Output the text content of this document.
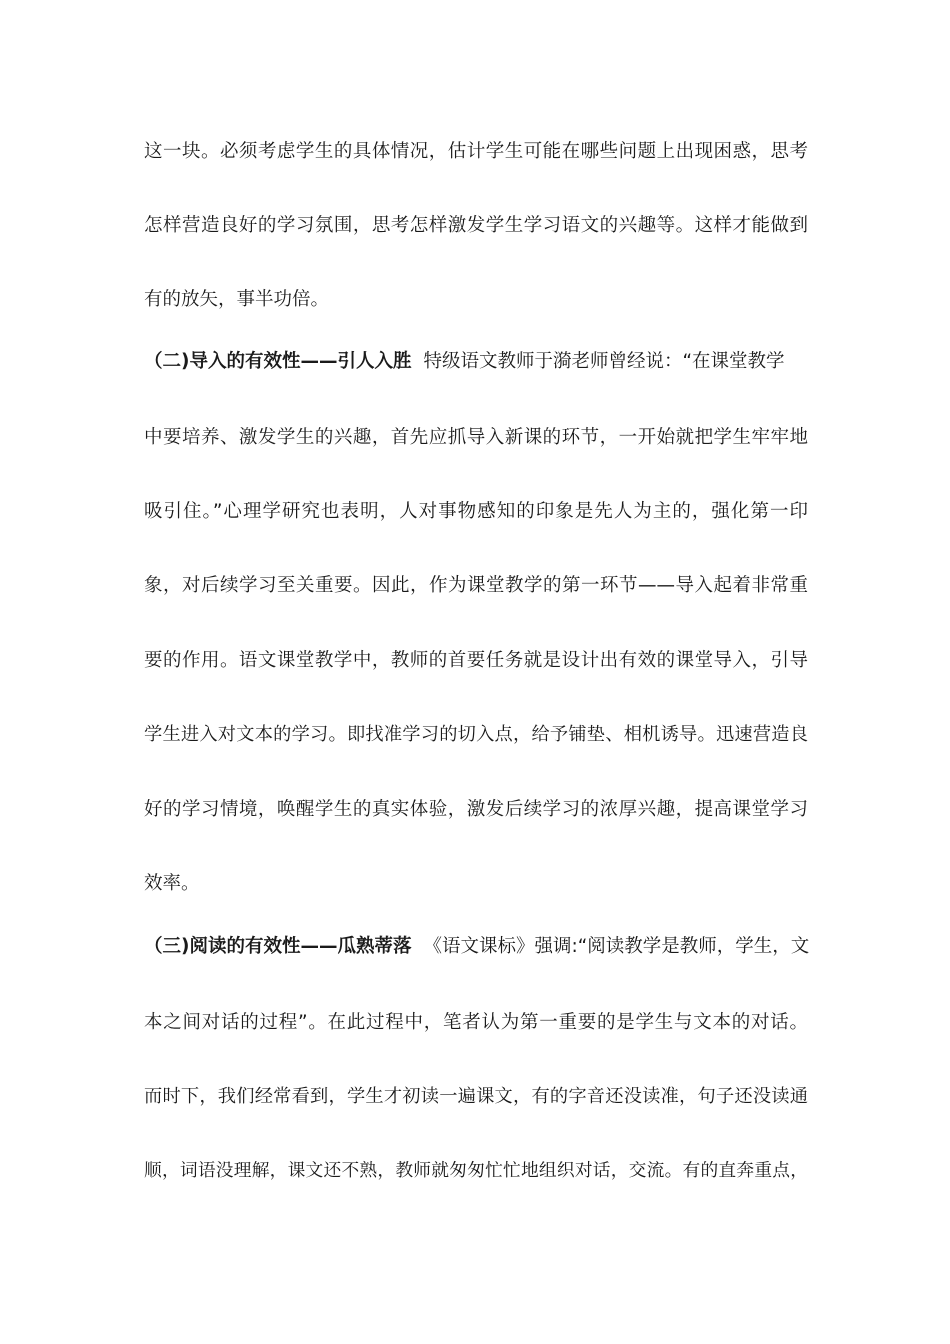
这一块。必须考虑学生的具体情况，估计学生可能在哪些问题上出现困惑，思考
怎样营造良好的学习氛围，思考怎样激发学生学习语文的兴趣等。这样才能做到
有的放矢，事半功倍。
（二)导入的有效性——引人入胜 特级语文教师于漪老师曾经说：“在课堂教学
中要培养、激发学生的兴趣，首先应抓导入新课的环节，一开始就把学生牢牢地
吸引住。”心理学研究也表明，人对事物感知的印象是先人为主的，强化第一印
象，对后续学习至关重要。因此，作为课堂教学的第一环节——导入起着非常重
要的作用。语文课堂教学中，教师的首要任务就是设计出有效的课堂导入，引导
学生进入对文本的学习。即找准学习的切入点，给予铺垫、相机诱导。迅速营造良
好的学习情境，唤醒学生的真实体验，激发后续学习的浓厚兴趣，提高课堂学习
效率。
（三)阅读的有效性——瓜熟蒂落 《语文课标》强调:“阅读教学是教师，学生，文
本之间对话的过程”。在此过程中，笔者认为第一重要的是学生与文本的对话。
而时下，我们经常看到，学生才初读一遍课文，有的字音还没读准，句子还没读通
顺，词语没理解，课文还不熟，教师就匆匆忙忙地组织对话，交流。有的直奔重点，
